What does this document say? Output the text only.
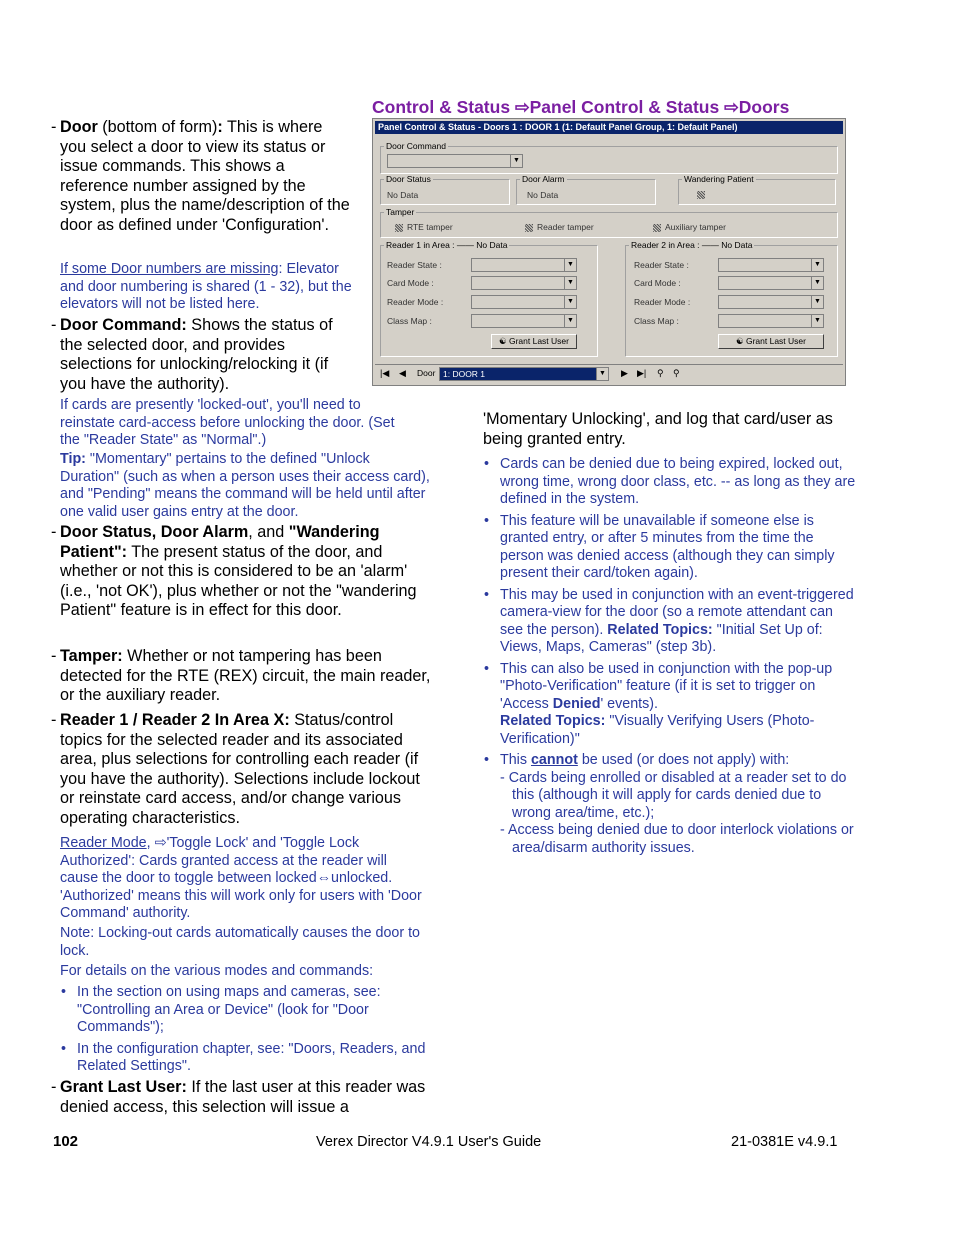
Control & Status ⇨Panel Control & Status ⇨Doors
Panel Control & Status - Doors 1 : DOOR 1 (1: Default Panel Group, 1: Default Panel)
Door Command
▼
Door Status
No Data
Door Alarm
No Data
Wandering Patient
Tamper
RTE tamper	Reader tamper	Auxiliary tamper
Reader 1 in Area : —— No Data
Reader State :	▼
Card Mode :	▼
Reader Mode :	▼
Class Map :	▼
☯ Grant Last User
Reader 2 in Area : —— No Data
Reader State :	▼
Card Mode :	▼
Reader Mode :	▼
Class Map :	▼
☯ Grant Last User
|◀ ◀ Door 1: DOOR 1	▼ ▶ ▶| ⚲ ⚲
- Door (bottom of form): This is where you select a door to view its status or issue commands. This shows a reference number assigned by the system, plus the name/description of the door as defined under 'Configuration'.
If some Door numbers are missing: Elevator and door numbering is shared (1 - 32), but the elevators will not be listed here.
- Door Command: Shows the status of the selected door, and provides selections for unlocking/relocking it (if you have the authority).
If cards are presently 'locked-out', you'll need to reinstate card-access before unlocking the door. (Set the "Reader State" as "Normal".)
Tip: "Momentary" pertains to the defined "Unlock Duration" (such as when a person uses their access card), and "Pending" means the command will be held until after one valid user gains entry at the door.
- Door Status, Door Alarm, and "Wandering Patient": The present status of the door, and whether or not this is considered to be an 'alarm' (i.e., 'not OK'), plus whether or not the "wandering Patient" feature is in effect for this door.
- Tamper: Whether or not tampering has been detected for the RTE (REX) circuit, the main reader, or the auxiliary reader.
- Reader 1 / Reader 2 In Area X: Status/control topics for the selected reader and its associated area, plus selections for controlling each reader (if you have the authority). Selections include lockout or reinstate card access, and/or change various operating characteristics.
Reader Mode, ⇨'Toggle Lock' and 'Toggle Lock Authorized': Cards granted access at the reader will cause the door to toggle between locked⇔unlocked. 'Authorized' means this will work only for users with 'Door Command' authority.
Note: Locking-out cards automatically causes the door to lock.
For details on the various modes and commands:
• In the section on using maps and cameras, see: "Controlling an Area or Device" (look for "Door Commands");
• In the configuration chapter, see: "Doors, Readers, and Related Settings".
- Grant Last User: If the last user at this reader was denied access, this selection will issue a
'Momentary Unlocking', and log that card/user as being granted entry.
• Cards can be denied due to being expired, locked out, wrong time, wrong door class, etc. -- as long as they are defined in the system.
• This feature will be unavailable if someone else is granted entry, or after 5 minutes from the time the person was denied access (although they can simply present their card/token again).
• This may be used in conjunction with an event-triggered camera-view for the door (so a remote attendant can see the person). Related Topics: "Initial Set Up of: Views, Maps, Cameras" (step 3b).
• This can also be used in conjunction with the pop-up "Photo-Verification" feature (if it is set to trigger on 'Access Denied' events).
Related Topics: "Visually Verifying Users (Photo-Verification)"
• This cannot be used (or does not apply) with:
- Cards being enrolled or disabled at a reader set to do this (although it will apply for cards denied due to wrong area/time, etc.);
- Access being denied due to door interlock violations or area/disarm authority issues.
102	Verex Director V4.9.1 User's Guide	21-0381E v4.9.1
